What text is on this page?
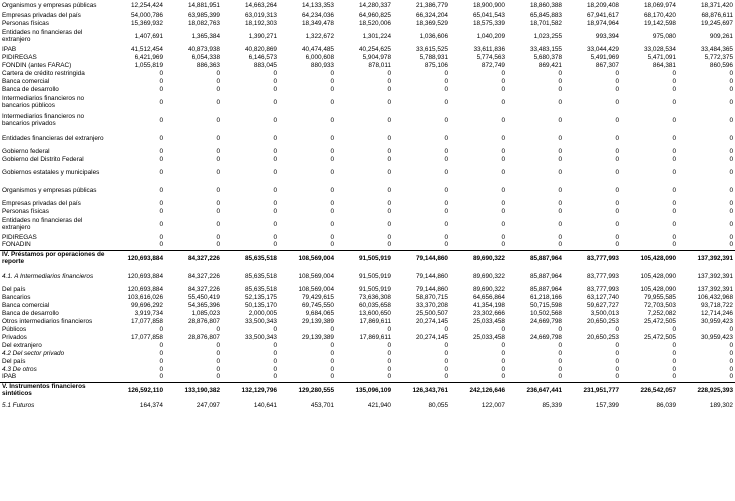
Organismos y empresas públicas	12,254,424	14,881,951	14,663,264	14,133,353	14,280,337	21,386,779	18,900,900	18,860,388	18,209,408	18,069,974	18,371,420
Empresas privadas del país	54,000,786	63,985,399	63,019,313	64,234,036	64,960,825	66,324,204	65,041,543	65,845,883	67,941,617	68,170,420	68,876,611
Personas físicas	15,369,932	18,082,763	18,192,303	18,349,478	18,520,006	18,369,529	18,575,339	18,701,582	18,974,964	19,142,598	19,245,697
Entidades no financieras del extranjero	1,407,691	1,365,384	1,390,271	1,322,672	1,301,224	1,036,606	1,040,209	1,023,255	993,394	975,080	909,261
IPAB	41,512,454	40,873,938	40,820,869	40,474,485	40,254,625	33,615,525	33,611,836	33,483,155	33,044,429	33,028,534	33,484,365
PIDIREGAS	6,421,969	6,054,338	6,146,573	6,000,608	5,904,978	5,788,931	5,774,563	5,680,378	5,491,969	5,471,091	5,772,375
FONDIN (antes FARAC)	1,055,819	886,363	883,045	880,933	878,011	875,106	872,749	869,421	867,307	864,381	860,596
Cartera de crédito restringida	0	0	0	0	0	0	0	0	0	0	0
Banca comercial	0	0	0	0	0	0	0	0	0	0	0
Banca de desarrollo	0	0	0	0	0	0	0	0	0	0	0
Intermediarios financieros no bancarios públicos	0	0	0	0	0	0	0	0	0	0	0
Intermediarios financieros no bancarios privados	0	0	0	0	0	0	0	0	0	0	0
Entidades financieras del extranjero	0	0	0	0	0	0	0	0	0	0	0
Gobierno federal	0	0	0	0	0	0	0	0	0	0	0
Gobierno del Distrito Federal	0	0	0	0	0	0	0	0	0	0	0
Gobiernos estatales y municipales	0	0	0	0	0	0	0	0	0	0	0
Organismos y empresas públicas	0	0	0	0	0	0	0	0	0	0	0
Empresas privadas del país	0	0	0	0	0	0	0	0	0	0	0
Personas físicas	0	0	0	0	0	0	0	0	0	0	0
Entidades no financieras del extranjero	0	0	0	0	0	0	0	0	0	0	0
PIDIREGAS	0	0	0	0	0	0	0	0	0	0	0
FONADIN	0	0	0	0	0	0	0	0	0	0	0
IV. Préstamos por operaciones de reporte	120,693,884	84,327,226	85,635,518	108,569,004	91,505,919	79,144,860	89,690,322	85,887,964	83,777,993	105,428,090	137,392,391
4.1. A Intermediarios financieros	120,693,884	84,327,226	85,635,518	108,569,004	91,505,919	79,144,860	89,690,322	85,887,964	83,777,993	105,428,090	137,392,391
Del país	120,693,884	84,327,226	85,635,518	108,569,004	91,505,919	79,144,860	89,690,322	85,887,964	83,777,993	105,428,090	137,392,391
Bancarios	103,616,026	55,450,419	52,135,175	79,429,615	73,636,308	58,870,715	64,656,864	61,218,166	63,127,740	79,955,585	106,432,968
Banca comercial	99,696,292	54,365,396	50,135,170	69,745,550	60,035,658	33,370,208	41,354,198	50,715,598	59,627,727	72,703,503	93,718,722
Banca de desarrollo	3,919,734	1,085,023	2,000,005	9,684,065	13,600,650	25,500,507	23,302,666	10,502,568	3,500,013	7,252,082	12,714,246
Otros intermediarios financieros	17,077,858	28,876,807	33,500,343	29,139,389	17,869,611	20,274,145	25,033,458	24,669,798	20,650,253	25,472,505	30,959,423
Públicos	0	0	0	0	0	0	0	0	0	0	0
Privados	17,077,858	28,876,807	33,500,343	29,139,389	17,869,611	20,274,145	25,033,458	24,669,798	20,650,253	25,472,505	30,959,423
Del extranjero	0	0	0	0	0	0	0	0	0	0	0
4.2 Del sector privado	0	0	0	0	0	0	0	0	0	0	0
Del país	0	0	0	0	0	0	0	0	0	0	0
4.3 De otros	0	0	0	0	0	0	0	0	0	0	0
IPAB	0	0	0	0	0	0	0	0	0	0	0
V. Instrumentos financieros sintéticos	126,592,110	133,190,382	132,129,796	129,280,555	135,096,109	126,343,761	242,126,646	236,647,441	231,951,777	226,542,057	228,925,393
5.1 Futuros	164,374	247,097	140,641	453,701	421,940	80,055	122,007	85,339	157,399	86,039	189,302
